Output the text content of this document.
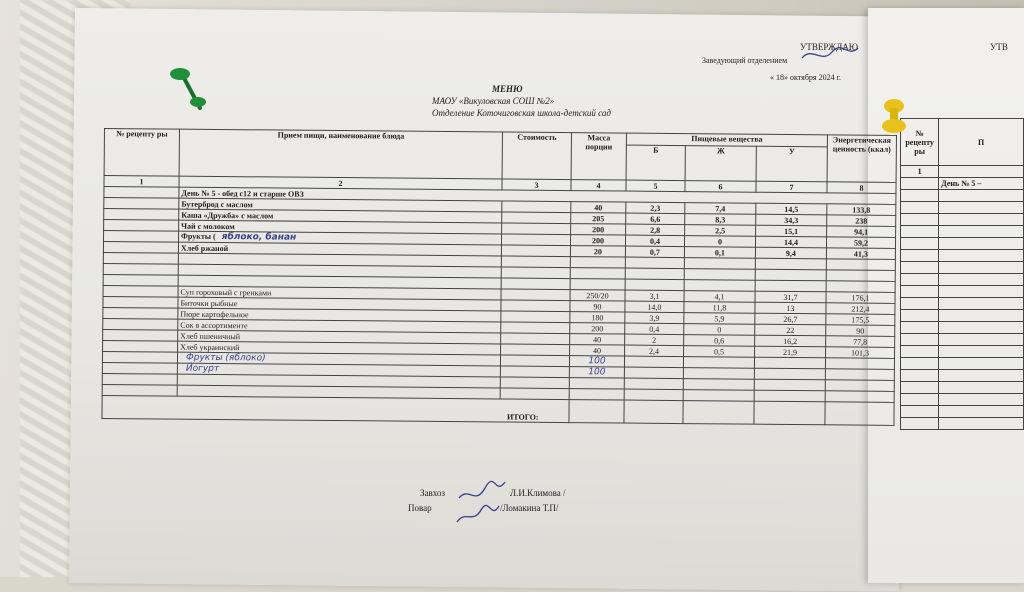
УТВЕРЖДАЮ
Заведующий отделением
« 18» октября 2024 г.
МЕНЮ
МАОУ «Викуловская СОШ №2»
Отделение Коточиговская школа-детский сад
№ рецепту ры	Прием пищи, наименование блюда	Стоимость	Масса порции	Пищевые вещества			Энергетическая ценность (ккал)
				Б	Ж	У	
1	2	3	4	5	6	7	8
	День № 5 - обед с12 и старше ОВЗ						
	Бутерброд с маслом		40	2,3	7,4	14,5	133,8
	Каша «Дружба» с маслом		205	6,6	8,3	34,3	238
	Чай с молоком		200	2,8	2,5	15,1	94,1
	Фрукты ( яблоко, банан		200	0,4	0	14,4	59,2
	Хлеб ржаной		20	0,7	0,1	9,4	41,3

	Суп гороховый с гренками		250/20	3,1	4,1	31,7	176,1
	Биточки рыбные		90	14,0	11,8	13	212,4
	Пюре картофельное		180	3,9	5,9	26,7	175,5
	Сок в ассортименте		200	0,4	0	22	90
	Хлеб пшеничный		40	2	0,6	16,2	77,8
	Хлеб украинский		40	2,4	0,5	21,9	101,3
	Фрукты (яблоко)		100				
	Йогурт		100				

ИТОГО:							
Завхоз	Л.И.Климова /
Повар	/Ломакина Т.П/
УТВ
№ рецепту ры	П
1	
	День № 5 –
